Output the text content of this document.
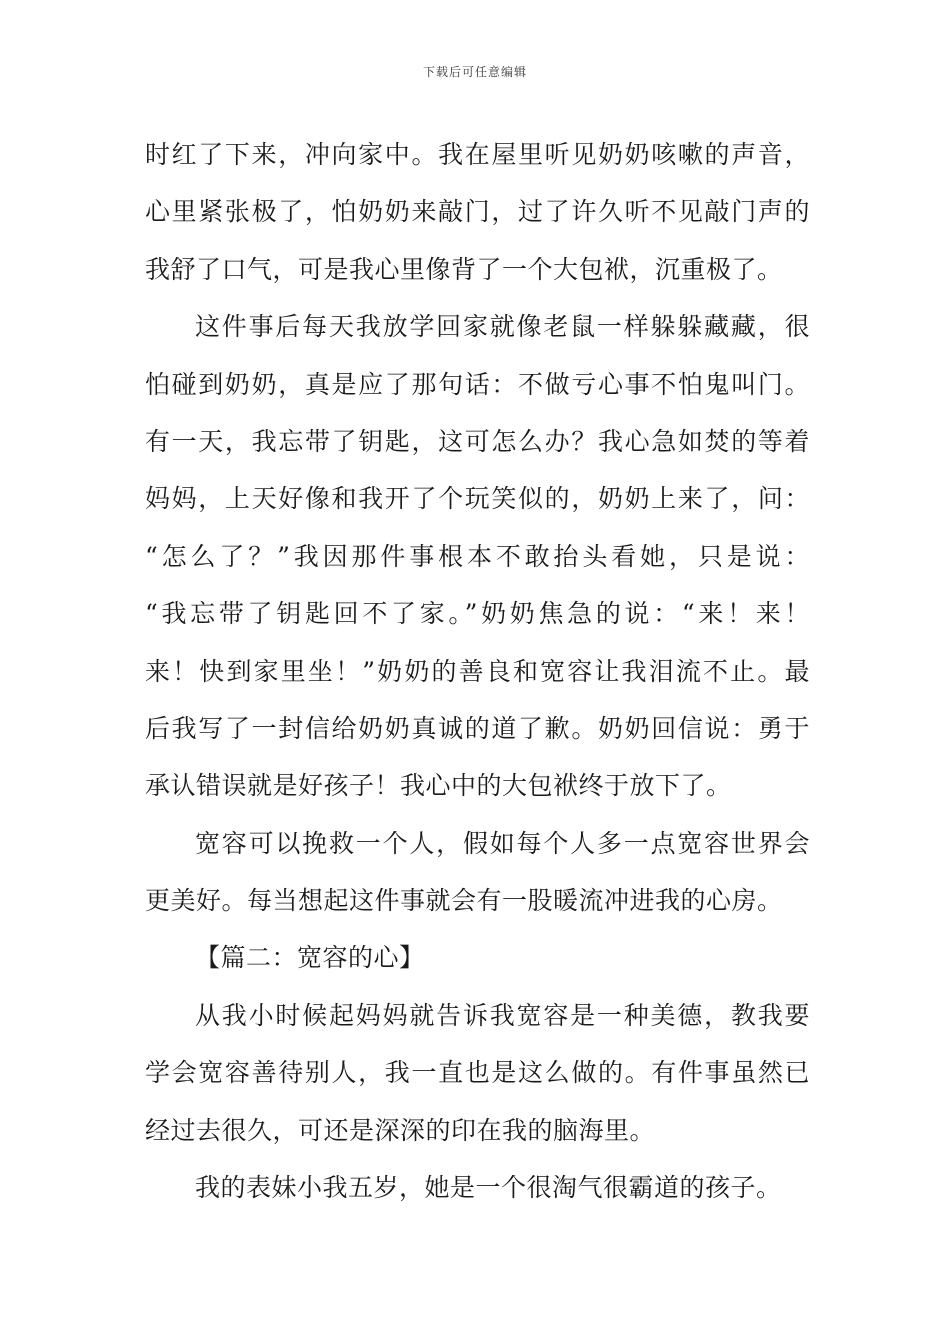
下载后可任意编辑
时红了下来，冲向家中。我在屋里听见奶奶咳嗽的声音，
心里紧张极了，怕奶奶来敲门，过了许久听不见敲门声的
我舒了口气，可是我心里像背了一个大包袱，沉重极了。
这件事后每天我放学回家就像老鼠一样躲躲藏藏，很
怕碰到奶奶，真是应了那句话：不做亏心事不怕鬼叫门。
有一天，我忘带了钥匙，这可怎么办？我心急如焚的等着
妈妈，上天好像和我开了个玩笑似的，奶奶上来了，问：
“怎么了？”我因那件事根本不敢抬头看她，只是说：
“我忘带了钥匙回不了家。”奶奶焦急的说：“来！来！
来！快到家里坐！”奶奶的善良和宽容让我泪流不止。最
后我写了一封信给奶奶真诚的道了歉。奶奶回信说：勇于
承认错误就是好孩子！我心中的大包袱终于放下了。
宽容可以挽救一个人，假如每个人多一点宽容世界会
更美好。每当想起这件事就会有一股暖流冲进我的心房。
【篇二：宽容的心】
从我小时候起妈妈就告诉我宽容是一种美德，教我要
学会宽容善待别人，我一直也是这么做的。有件事虽然已
经过去很久，可还是深深的印在我的脑海里。
我的表妹小我五岁，她是一个很淘气很霸道的孩子。
